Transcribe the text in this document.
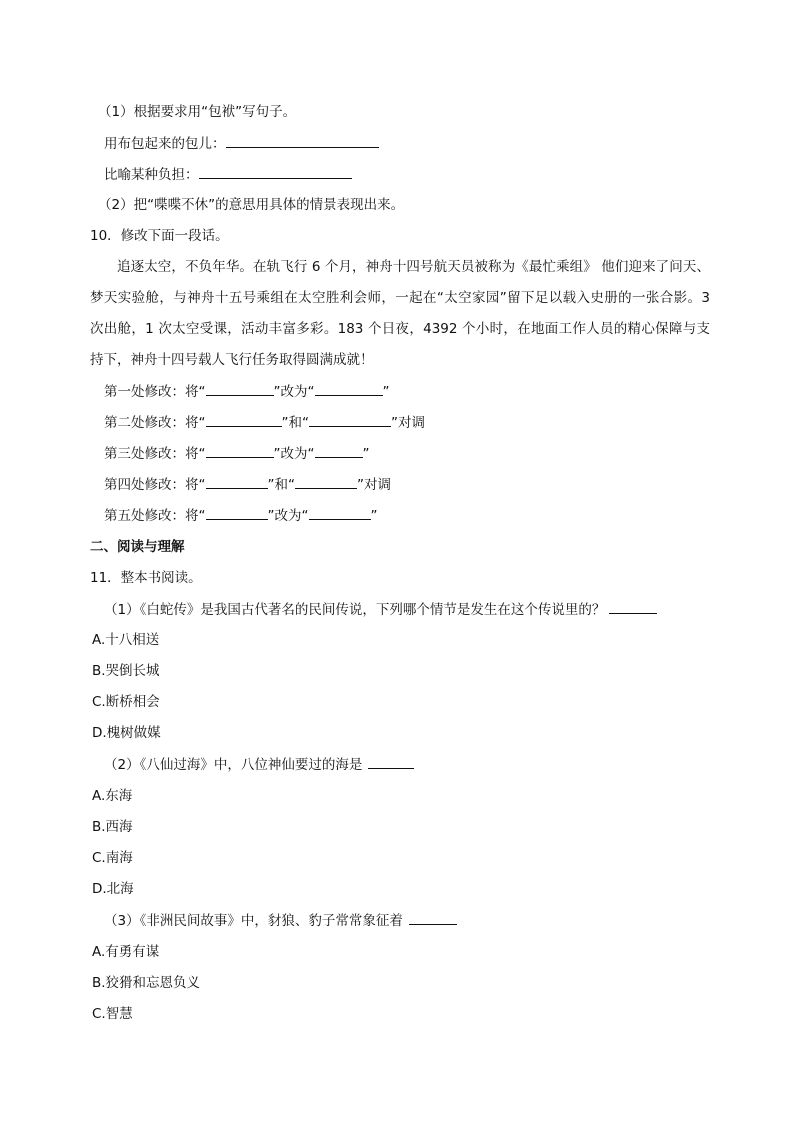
（1）根据要求用“包袱”写句子。
用布包起来的包儿：
比喻某种负担：
（2）把“喋喋不休”的意思用具体的情景表现出来。
10．修改下面一段话。
追逐太空，不负年华。在轨飞行 6 个月，神舟十四号航天员被称为《最忙乘组》 他们迎来了问天、梦天实验舱，与神舟十五号乘组在太空胜利会师，一起在“太空家园”留下足以载入史册的一张合影。3 次出舱，1 次太空受课，活动丰富多彩。183 个日夜，4392 个小时，在地面工作人员的精心保障与支持下，神舟十四号载人飞行任务取得圆满成就！
第一处修改：将“	”改为“	”
第二处修改：将“	”和“	”对调
第三处修改：将“	”改为“	”
第四处修改：将“	”和“	”对调
第五处修改：将“	”改为“	”
二、阅读与理解
11．整本书阅读。
（1）《白蛇传》是我国古代著名的民间传说，下列哪个情节是发生在这个传说里的？
A.十八相送
B.哭倒长城
C.断桥相会
D.槐树做媒
（2）《八仙过海》中，八位神仙要过的海是
A.东海
B.西海
C.南海
D.北海
（3）《非洲民间故事》中，豺狼、豹子常常象征着
A.有勇有谋
B.狡猾和忘恩负义
C.智慧
